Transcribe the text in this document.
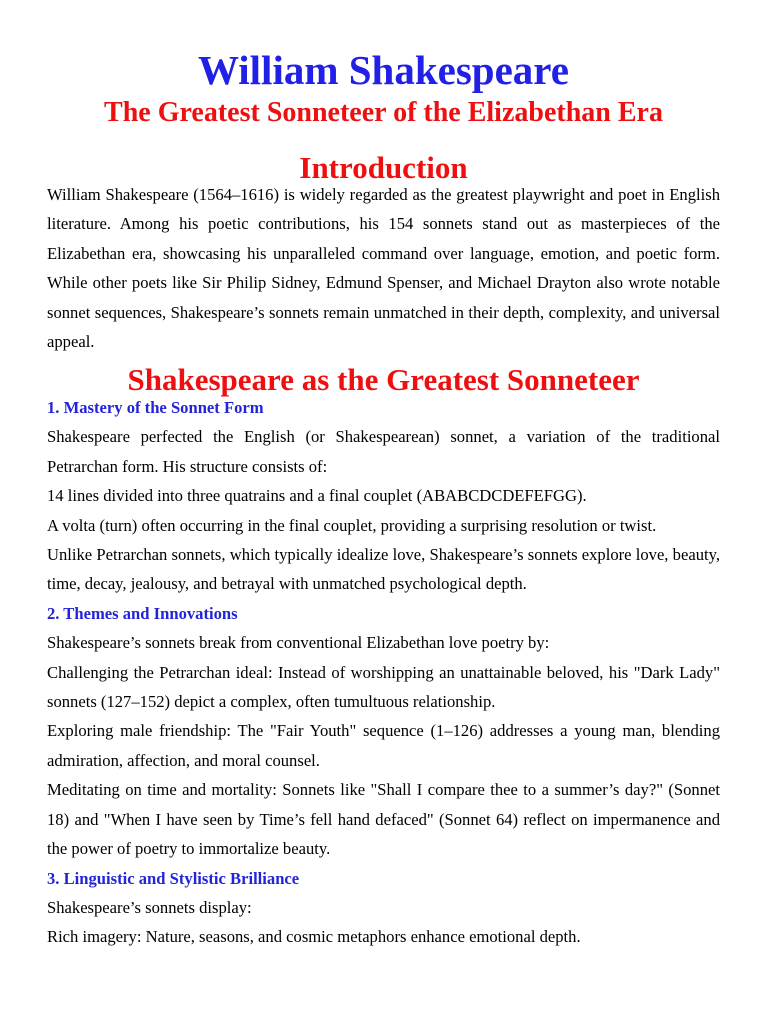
William Shakespeare
The Greatest Sonneteer of the Elizabethan Era
Introduction

William Shakespeare (1564–1616) is widely regarded as the greatest playwright and poet in English literature. Among his poetic contributions, his 154 sonnets stand out as masterpieces of the Elizabethan era, showcasing his unparalleled command over language, emotion, and poetic form. While other poets like Sir Philip Sidney, Edmund Spenser, and Michael Drayton also wrote notable sonnet sequences, Shakespeare’s sonnets remain unmatched in their depth, complexity, and universal appeal.

Shakespeare as the Greatest Sonneteer

1. Mastery of the Sonnet Form

Shakespeare perfected the English (or Shakespearean) sonnet, a variation of the traditional Petrarchan form. His structure consists of:

14 lines divided into three quatrains and a final couplet (ABABCDCDEFEFGG).

A volta (turn) often occurring in the final couplet, providing a surprising resolution or twist.

Unlike Petrarchan sonnets, which typically idealize love, Shakespeare’s sonnets explore love, beauty, time, decay, jealousy, and betrayal with unmatched psychological depth.

2. Themes and Innovations

Shakespeare’s sonnets break from conventional Elizabethan love poetry by:

Challenging the Petrarchan ideal: Instead of worshipping an unattainable beloved, his "Dark Lady" sonnets (127–152) depict a complex, often tumultuous relationship.

Exploring male friendship: The "Fair Youth" sequence (1–126) addresses a young man, blending admiration, affection, and moral counsel.

Meditating on time and mortality: Sonnets like "Shall I compare thee to a summer’s day?" (Sonnet 18) and "When I have seen by Time’s fell hand defaced" (Sonnet 64) reflect on impermanence and the power of poetry to immortalize beauty.

3. Linguistic and Stylistic Brilliance

Shakespeare’s sonnets display:

Rich imagery: Nature, seasons, and cosmic metaphors enhance emotional depth.
